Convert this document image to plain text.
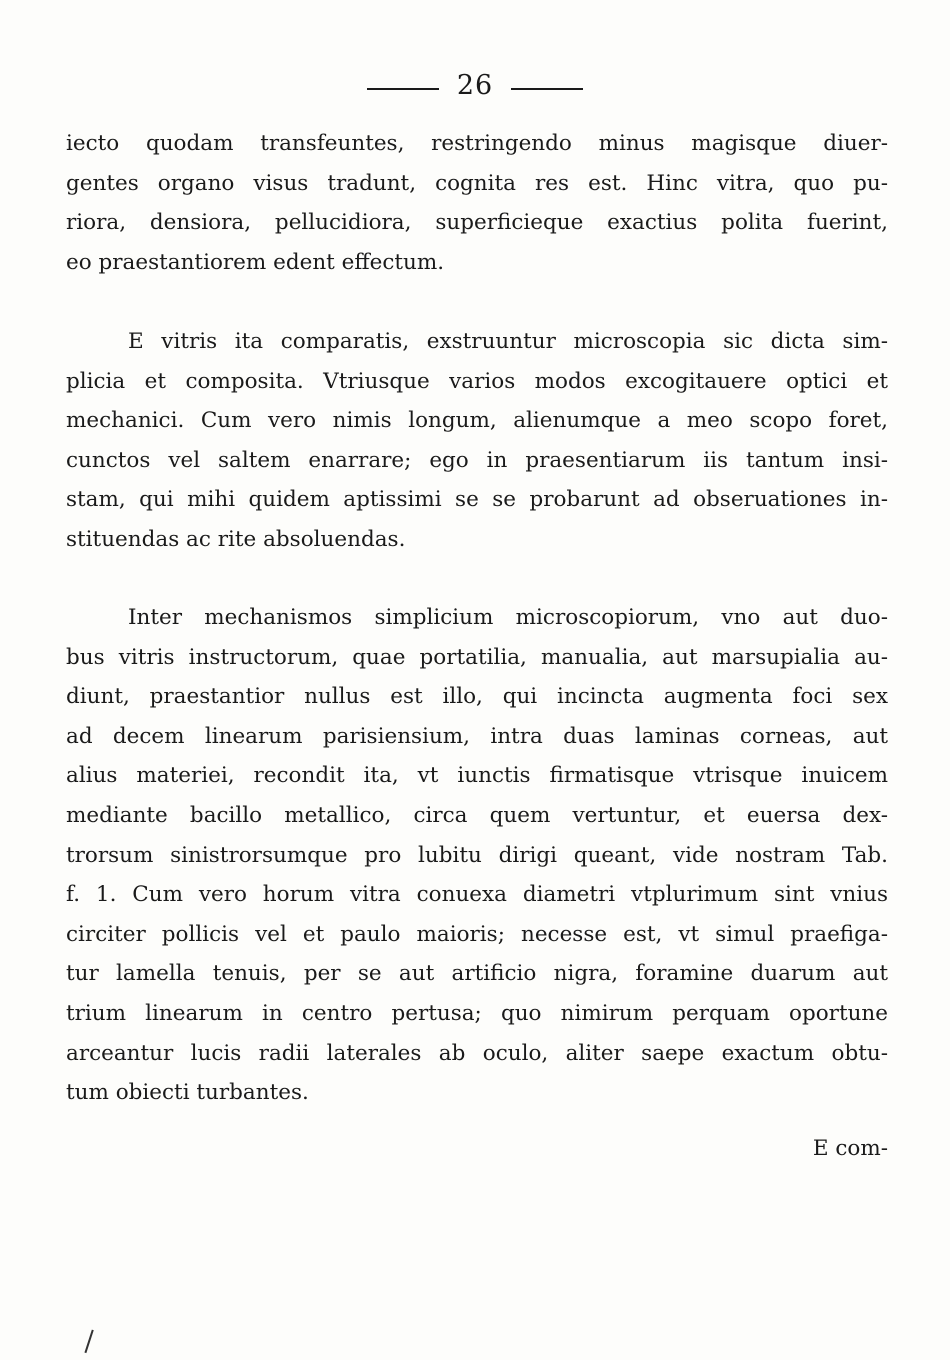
26
iecto quodam transfeuntes, restringendo minus magisque diuer-
gentes organo visus tradunt, cognita res est. Hinc vitra, quo pu-
riora, densiora, pellucidiora, superficieque exactius polita fuerint,
eo praestantiorem edent effectum.
E vitris ita comparatis, exstruuntur microscopia sic dicta sim-
plicia et composita. Vtriusque varios modos excogitauere optici et
mechanici. Cum vero nimis longum, alienumque a meo scopo foret,
cunctos vel saltem enarrare; ego in praesentiarum iis tantum insi-
stam, qui mihi quidem aptissimi se se probarunt ad obseruationes in-
stituendas ac rite absoluendas.
Inter mechanismos simplicium microscopiorum, vno aut duo-
bus vitris instructorum, quae portatilia, manualia, aut marsupialia au-
diunt, praestantior nullus est illo, qui incincta augmenta foci sex
ad decem linearum parisiensium, intra duas laminas corneas, aut
alius materiei, recondit ita, vt iunctis firmatisque vtrisque inuicem
mediante bacillo metallico, circa quem vertuntur, et euersa dex-
trorsum sinistrorsumque pro lubitu dirigi queant, vide nostram Tab.
f. 1. Cum vero horum vitra conuexa diametri vtplurimum sint vnius
circiter pollicis vel et paulo maioris; necesse est, vt simul praefiga-
tur lamella tenuis, per se aut artificio nigra, foramine duarum aut
trium linearum in centro pertusa; quo nimirum perquam oportune
arceantur lucis radii laterales ab oculo, aliter saepe exactum obtu-
tum obiecti turbantes.
E com-
